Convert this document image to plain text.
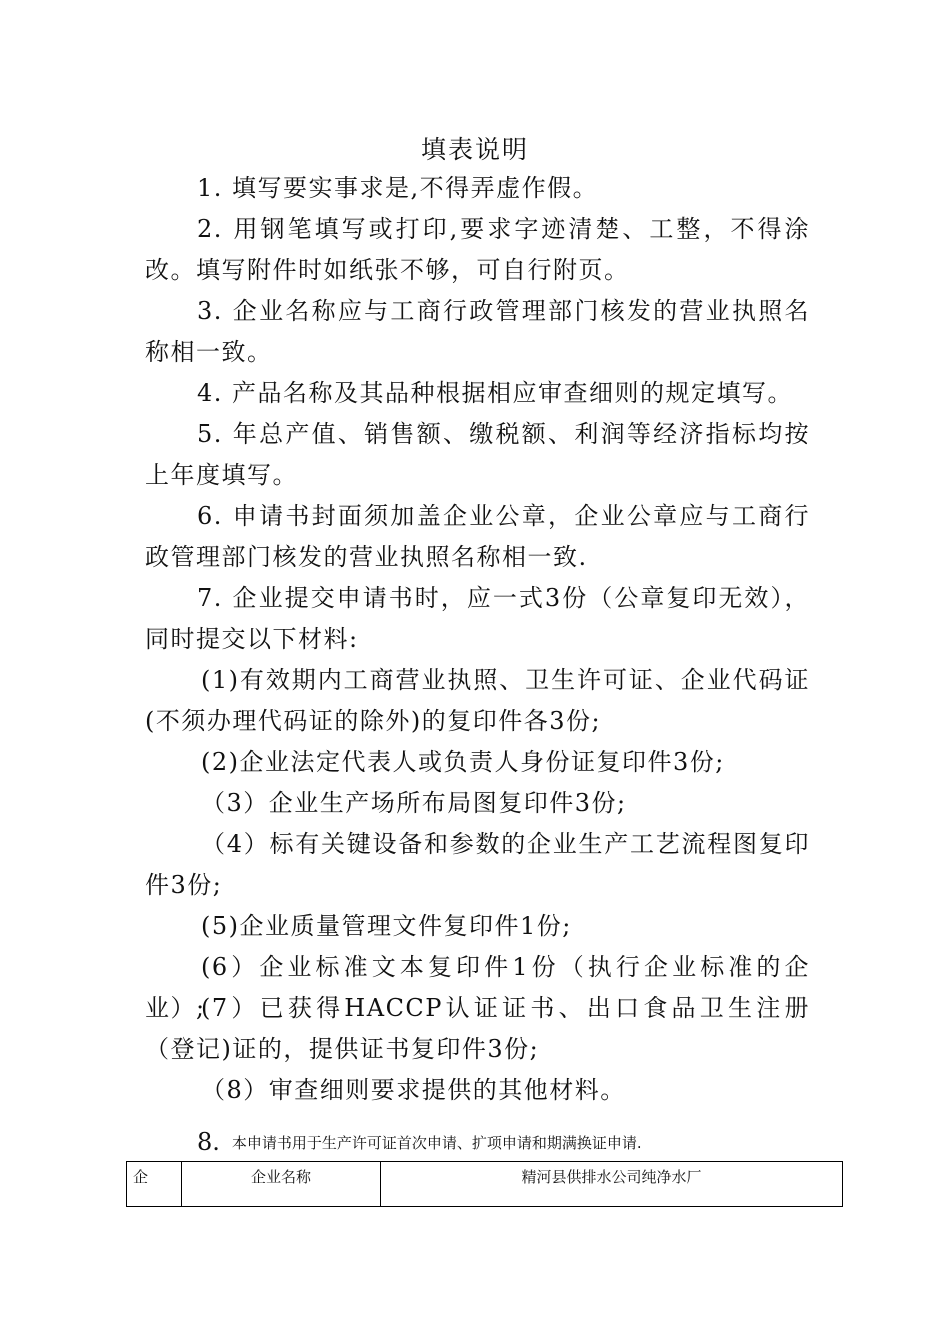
填表说明
1. 填写要实事求是,不得弄虚作假。
2. 用钢笔填写或打印,要求字迹清楚、工整，不得涂改。填写附件时如纸张不够，可自行附页。
3. 企业名称应与工商行政管理部门核发的营业执照名称相一致。
4. 产品名称及其品种根据相应审查细则的规定填写。
5. 年总产值、销售额、缴税额、利润等经济指标均按上年度填写。
6. 申请书封面须加盖企业公章，企业公章应与工商行政管理部门核发的营业执照名称相一致.
7. 企业提交申请书时，应一式3份（公章复印无效），同时提交以下材料:
(1)有效期内工商营业执照、卫生许可证、企业代码证(不须办理代码证的除外)的复印件各3份;
(2)企业法定代表人或负责人身份证复印件3份;
（3）企业生产场所布局图复印件3份;
（4）标有关键设备和参数的企业生产工艺流程图复印件3份;
(5)企业质量管理文件复印件1份;
(6）企业标准文本复印件1份（执行企业标准的企业）;
(7）已获得HACCP认证证书、出口食品卫生注册（登记)证的，提供证书复印件3份;
（8）审查细则要求提供的其他材料。
8. 本申请书用于生产许可证首次申请、扩项申请和期满换证申请.
企	企业名称	精河县供排水公司纯净水厂
